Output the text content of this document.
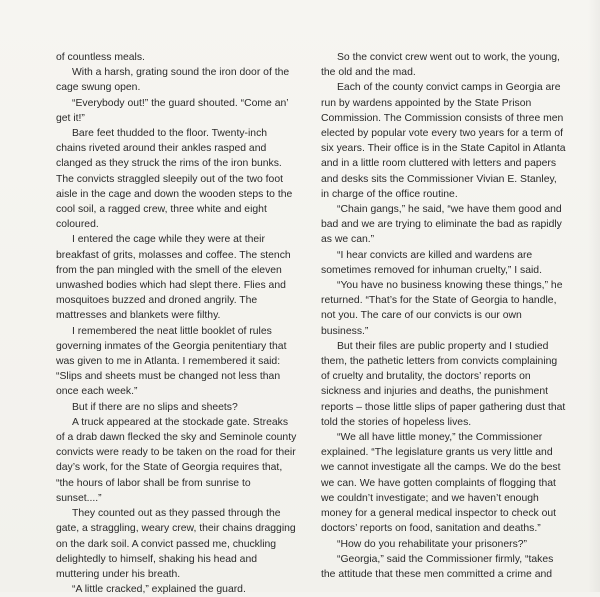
of countless meals.

With a harsh, grating sound the iron door of the cage swung open.

“Everybody out!” the guard shouted. “Come an’ get it!”

Bare feet thudded to the floor. Twenty-inch chains riveted around their ankles rasped and clanged as they struck the rims of the iron bunks. The convicts straggled sleepily out of the two foot aisle in the cage and down the wooden steps to the cool soil, a ragged crew, three white and eight coloured.

I entered the cage while they were at their breakfast of grits, molasses and coffee. The stench from the pan mingled with the smell of the eleven unwashed bodies which had slept there. Flies and mosquitoes buzzed and droned angrily. The mattresses and blankets were filthy.

I remembered the neat little booklet of rules governing inmates of the Georgia penitentiary that was given to me in Atlanta. I remembered it said: “Slips and sheets must be changed not less than once each week.”

But if there are no slips and sheets?

A truck appeared at the stockade gate. Streaks of a drab dawn flecked the sky and Seminole county convicts were ready to be taken on the road for their day’s work, for the State of Georgia requires that, “the hours of labor shall be from sunrise to sunset....”

They counted out as they passed through the gate, a straggling, weary crew, their chains dragging on the dark soil. A convict passed me, chuckling delightedly to himself, shaking his head and muttering under his breath.

“A little cracked,” explained the guard.

So the convict crew went out to work, the young, the old and the mad.

Each of the county convict camps in Georgia are run by wardens appointed by the State Prison Commission. The Commission consists of three men elected by popular vote every two years for a term of six years. Their office is in the State Capitol in Atlanta and in a little room cluttered with letters and papers and desks sits the Commissioner Vivian E. Stanley, in charge of the office routine.

“Chain gangs,” he said, “we have them good and bad and we are trying to eliminate the bad as rapidly as we can.”

“I hear convicts are killed and wardens are sometimes removed for inhuman cruelty,” I said.

“You have no business knowing these things,” he returned. “That’s for the State of Georgia to handle, not you. The care of our convicts is our own business.”

But their files are public property and I studied them, the pathetic letters from convicts complaining of cruelty and brutality, the doctors’ reports on sickness and injuries and deaths, the punishment reports – those little slips of paper gathering dust that told the stories of hopeless lives.

“We all have little money,” the Commissioner explained. “The legislature grants us very little and we cannot investigate all the camps. We do the best we can. We have gotten complaints of flogging that we couldn’t investigate; and we haven’t enough money for a general medical inspector to check out doctors’ reports on food, sanitation and deaths.”

“How do you rehabilitate your prisoners?”

“Georgia,” said the Commissioner firmly, “takes the attitude that these men committed a crime and
